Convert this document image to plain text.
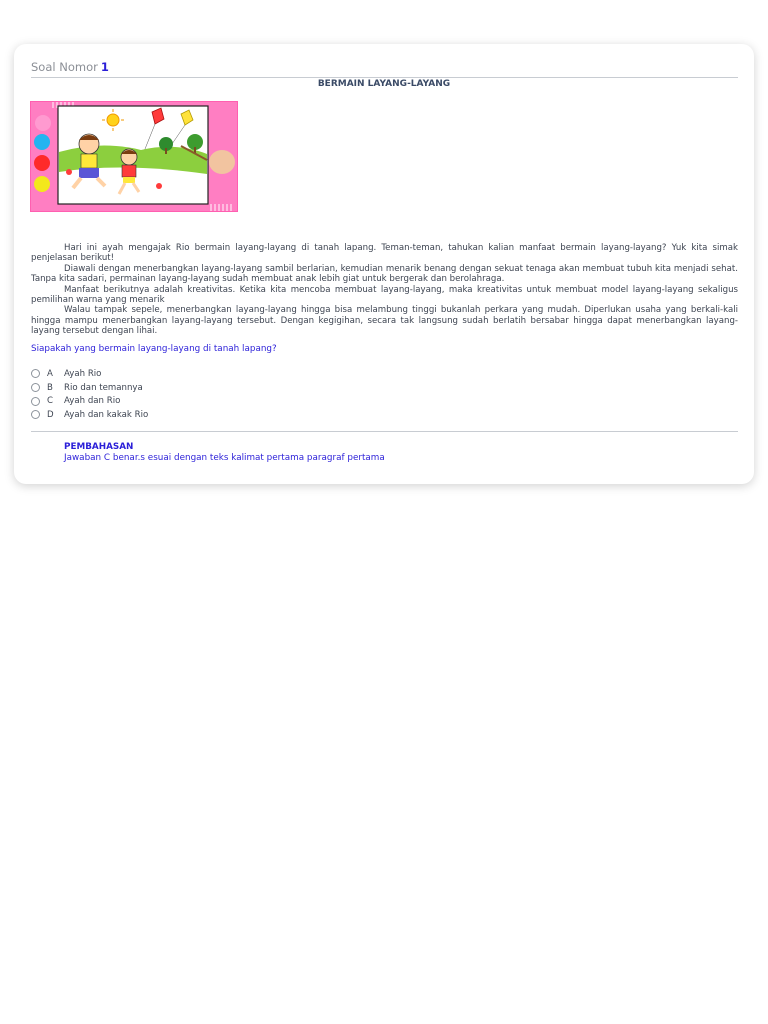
Soal Nomor 1
BERMAIN LAYANG-LAYANG

Hari ini ayah mengajak Rio bermain layang-layang di tanah lapang. Teman-teman, tahukan kalian manfaat bermain layang-layang? Yuk kita simak penjelasan berikut!

Diawali dengan menerbangkan layang-layang sambil berlarian, kemudian menarik benang dengan sekuat tenaga akan membuat tubuh kita menjadi sehat. Tanpa kita sadari, permainan layang-layang sudah membuat anak lebih giat untuk bergerak dan berolahraga.

Manfaat berikutnya adalah kreativitas. Ketika kita mencoba membuat layang-layang, maka kreativitas untuk membuat model layang-layang sekaligus pemilihan warna yang menarik

Walau tampak sepele, menerbangkan layang-layang hingga bisa melambung tinggi bukanlah perkara yang mudah. Diperlukan usaha yang berkali-kali hingga mampu menerbangkan layang-layang tersebut. Dengan kegigihan, secara tak langsung sudah berlatih bersabar hingga dapat menerbangkan layang-layang tersebut dengan lihai.

Siapakah yang bermain layang-layang di tanah lapang?
A	Ayah Rio
B	Rio dan temannya
C	Ayah dan Rio
D	Ayah dan kakak Rio
PEMBAHASAN
Jawaban C benar.s esuai dengan teks kalimat pertama paragraf pertama
